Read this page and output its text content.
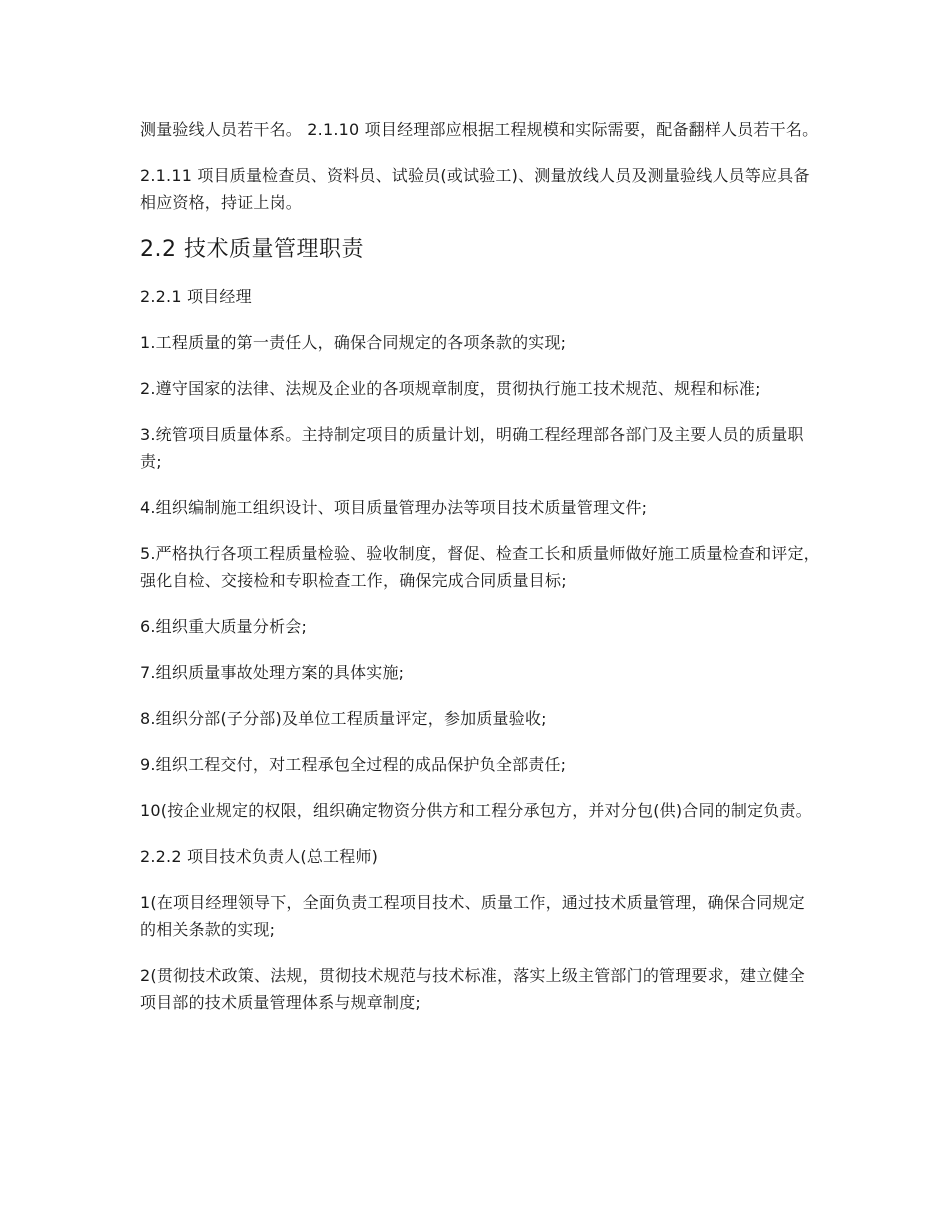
测量验线人员若干名。 2.1.10 项目经理部应根据工程规模和实际需要，配备翻样人员若干名。

2.1.11 项目质量检查员、资料员、试验员(或试验工)、测量放线人员及测量验线人员等应具备相应资格，持证上岗。

2.2 技术质量管理职责
2.2.1 项目经理

1.工程质量的第一责任人，确保合同规定的各项条款的实现;

2.遵守国家的法律、法规及企业的各项规章制度，贯彻执行施工技术规范、规程和标准;

3.统管项目质量体系。主持制定项目的质量计划，明确工程经理部各部门及主要人员的质量职责;

4.组织编制施工组织设计、项目质量管理办法等项目技术质量管理文件;

5.严格执行各项工程质量检验、验收制度，督促、检查工长和质量师做好施工质量检查和评定，强化自检、交接检和专职检查工作，确保完成合同质量目标;

6.组织重大质量分析会;

7.组织质量事故处理方案的具体实施;

8.组织分部(子分部)及单位工程质量评定，参加质量验收;

9.组织工程交付，对工程承包全过程的成品保护负全部责任;

10(按企业规定的权限，组织确定物资分供方和工程分承包方，并对分包(供)合同的制定负责。

2.2.2 项目技术负责人(总工程师)

1(在项目经理领导下，全面负责工程项目技术、质量工作，通过技术质量管理，确保合同规定的相关条款的实现;

2(贯彻技术政策、法规，贯彻技术规范与技术标准，落实上级主管部门的管理要求，建立健全项目部的技术质量管理体系与规章制度;
